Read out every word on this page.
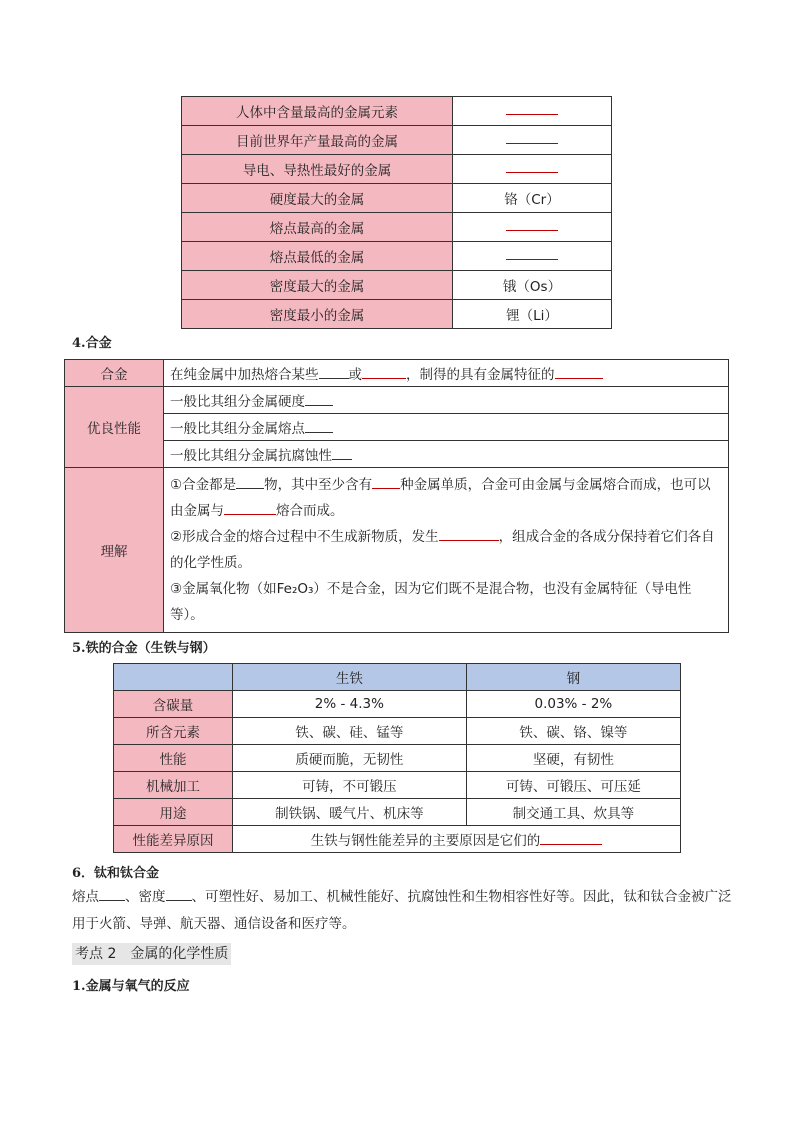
人体中含量最高的金属元素	
目前世界年产量最高的金属	
导电、导热性最好的金属	
硬度最大的金属	铬（Cr）
熔点最高的金属	
熔点最低的金属	
密度最大的金属	锇（Os）
密度最小的金属	锂（Li）
4.合金
合金	在纯金属中加热熔合某些 或 ，制得的具有金属特征的
优良性能	一般比其组分金属硬度
	一般比其组分金属熔点
	一般比其组分金属抗腐蚀性
理解	①合金都是 物，其中至少含有 种金属单质，合金可由金属与金属熔合而成，也可以由金属与 熔合而成。
②形成合金的熔合过程中不生成新物质，发生 ，组成合金的各成分保持着它们各自的化学性质。
③金属氧化物（如Fe₂O₃）不是合金，因为它们既不是混合物，也没有金属特征（导电性等）。
5.铁的合金（生铁与钢）
	生铁	钢
含碳量	2% - 4.3%	0.03% - 2%
所含元素	铁、碳、硅、锰等	铁、碳、铬、镍等
性能	质硬而脆，无韧性	坚硬，有韧性
机械加工	可铸，不可锻压	可铸、可锻压、可压延
用途	制铁锅、暖气片、机床等	制交通工具、炊具等
性能差异原因	生铁与钢性能差异的主要原因是它们的	
6．钛和钛合金
熔点 、密度 、可塑性好、易加工、机械性能好、抗腐蚀性和生物相容性好等。因此，钛和钛合金被广泛用于火箭、导弹、航天器、通信设备和医疗等。
考点 2　金属的化学性质
1.金属与氧气的反应
